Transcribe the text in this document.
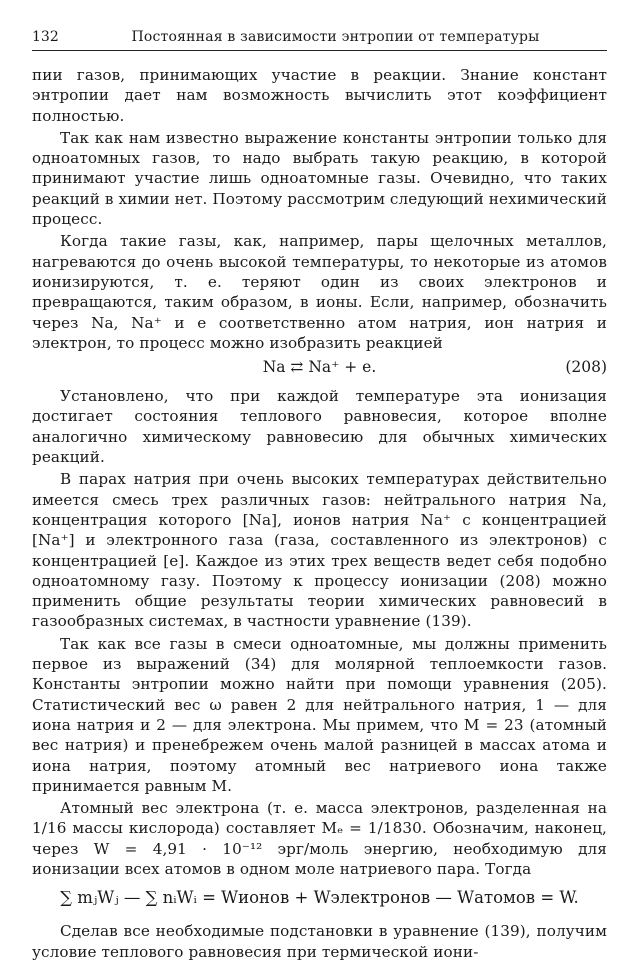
132	Постоянная в зависимости энтропии от температуры

пии газов, принимающих участие в реакции. Знание констант энтропии дает нам возможность вычислить этот коэффициент полностью.

Так как нам известно выражение константы энтропии только для одноатомных газов, то надо выбрать такую реакцию, в которой принимают участие лишь одноатомные газы. Очевидно, что таких реакций в химии нет. Поэтому рассмотрим следующий нехимический процесс.

Когда такие газы, как, например, пары щелочных металлов, нагреваются до очень высокой температуры, то некоторые из атомов ионизируются, т. е. теряют один из своих электронов и превращаются, таким образом, в ионы. Если, например, обозначить через Na, Na⁺ и e соответственно атом натрия, ион натрия и электрон, то процесс можно изобразить реакцией

Na ⇄ Na⁺ + e.	(208)

Установлено, что при каждой температуре эта ионизация достигает состояния теплового равновесия, которое вполне аналогично химическому равновесию для обычных химических реакций.

В парах натрия при очень высоких температурах действительно имеется смесь трех различных газов: нейтрального натрия Na, концентрация которого [Na], ионов натрия Na⁺ с концентрацией [Na⁺] и электронного газа (газа, составленного из электронов) с концентрацией [e]. Каждое из этих трех веществ ведет себя подобно одноатомному газу. Поэтому к процессу ионизации (208) можно применить общие результаты теории химических равновесий в газообразных системах, в частности уравнение (139).

Так как все газы в смеси одноатомные, мы должны применить первое из выражений (34) для молярной теплоемкости газов. Константы энтропии можно найти при помощи уравнения (205). Статистический вес ω равен 2 для нейтрального натрия, 1 — для иона натрия и 2 — для электрона. Мы примем, что M = 23 (атомный вес натрия) и пренебрежем очень малой разницей в массах атома и иона натрия, поэтому атомный вес натриевого иона также принимается равным M.

Атомный вес электрона (т. е. масса электронов, разделенная на 1/16 массы кислорода) составляет Mₑ = 1/1830. Обозначим, наконец, через W = 4,91 · 10⁻¹² эрг/моль энергию, необходимую для ионизации всех атомов в одном моле натриевого пара. Тогда

∑ mⱼWⱼ — ∑ nᵢWᵢ = Wионов + Wэлектронов — Wатомов = W.

Сделав все необходимые подстановки в уравнение (139), получим условие теплового равновесия при термической иони-
